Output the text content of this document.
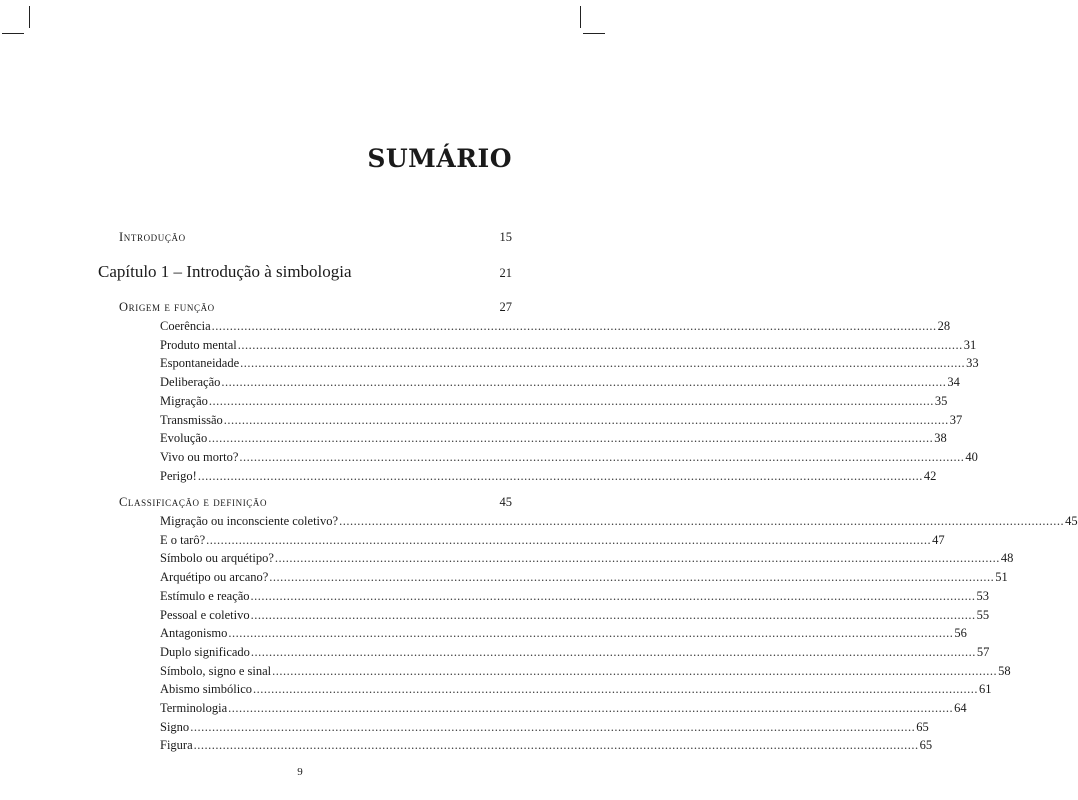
SUMÁRIO
Introdução	15
Capítulo 1 – Introdução à simbologia	21
Origem e função	27
Coerência ........................................................................................................................................................................................................ 28
Produto mental ........................................................................................................................................................................................................ 31
Espontaneidade ........................................................................................................................................................................................................ 33
Deliberação ........................................................................................................................................................................................................ 34
Migração ........................................................................................................................................................................................................ 35
Transmissão ........................................................................................................................................................................................................ 37
Evolução ........................................................................................................................................................................................................ 38
Vivo ou morto? ........................................................................................................................................................................................................ 40
Perigo! ........................................................................................................................................................................................................ 42
Classificação e definição	45
Migração ou inconsciente coletivo? ........................................................................................................................................................................................................ 45
E o tarô? ........................................................................................................................................................................................................ 47
Símbolo ou arquétipo? ........................................................................................................................................................................................................ 48
Arquétipo ou arcano? ........................................................................................................................................................................................................ 51
Estímulo e reação ........................................................................................................................................................................................................ 53
Pessoal e coletivo ........................................................................................................................................................................................................ 55
Antagonismo ........................................................................................................................................................................................................ 56
Duplo significado ........................................................................................................................................................................................................ 57
Símbolo, signo e sinal ........................................................................................................................................................................................................ 58
Abismo simbólico ........................................................................................................................................................................................................ 61
Terminologia ........................................................................................................................................................................................................ 64
Signo ........................................................................................................................................................................................................ 65
Figura ........................................................................................................................................................................................................ 65
9
